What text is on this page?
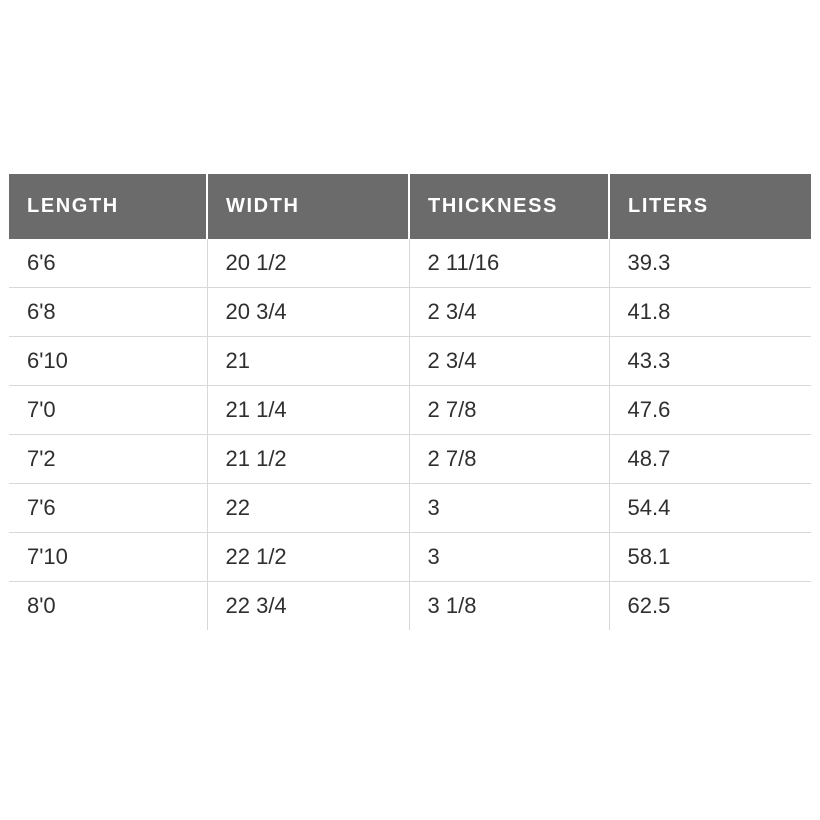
LENGTH	WIDTH	THICKNESS	LITERS
6'6	20 1/2	2 11/16	39.3
6'8	20 3/4	2 3/4	41.8
6'10	21	2 3/4	43.3
7'0	21 1/4	2 7/8	47.6
7'2	21 1/2	2 7/8	48.7
7'6	22	3	54.4
7'10	22 1/2	3	58.1
8'0	22 3/4	3 1/8	62.5
